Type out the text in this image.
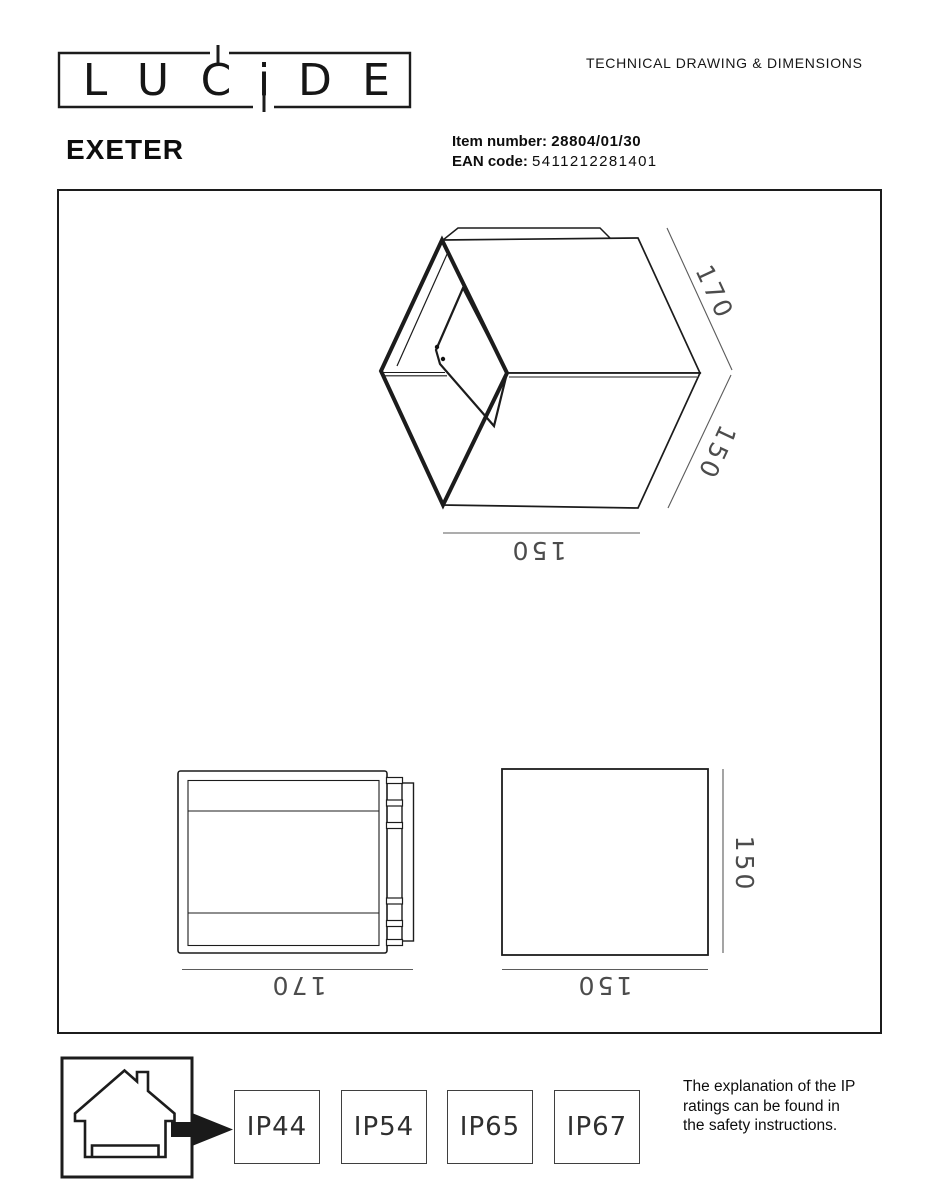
L U C i D E	TECHNICAL DRAWING & DIMENSIONS
EXETER	Item number: 28804/01/30
EAN code: 5411212281401
170
150
150
170
150
150
IP44	IP54	IP65	IP67
The explanation of the IP ratings can be found in the safety instructions.
